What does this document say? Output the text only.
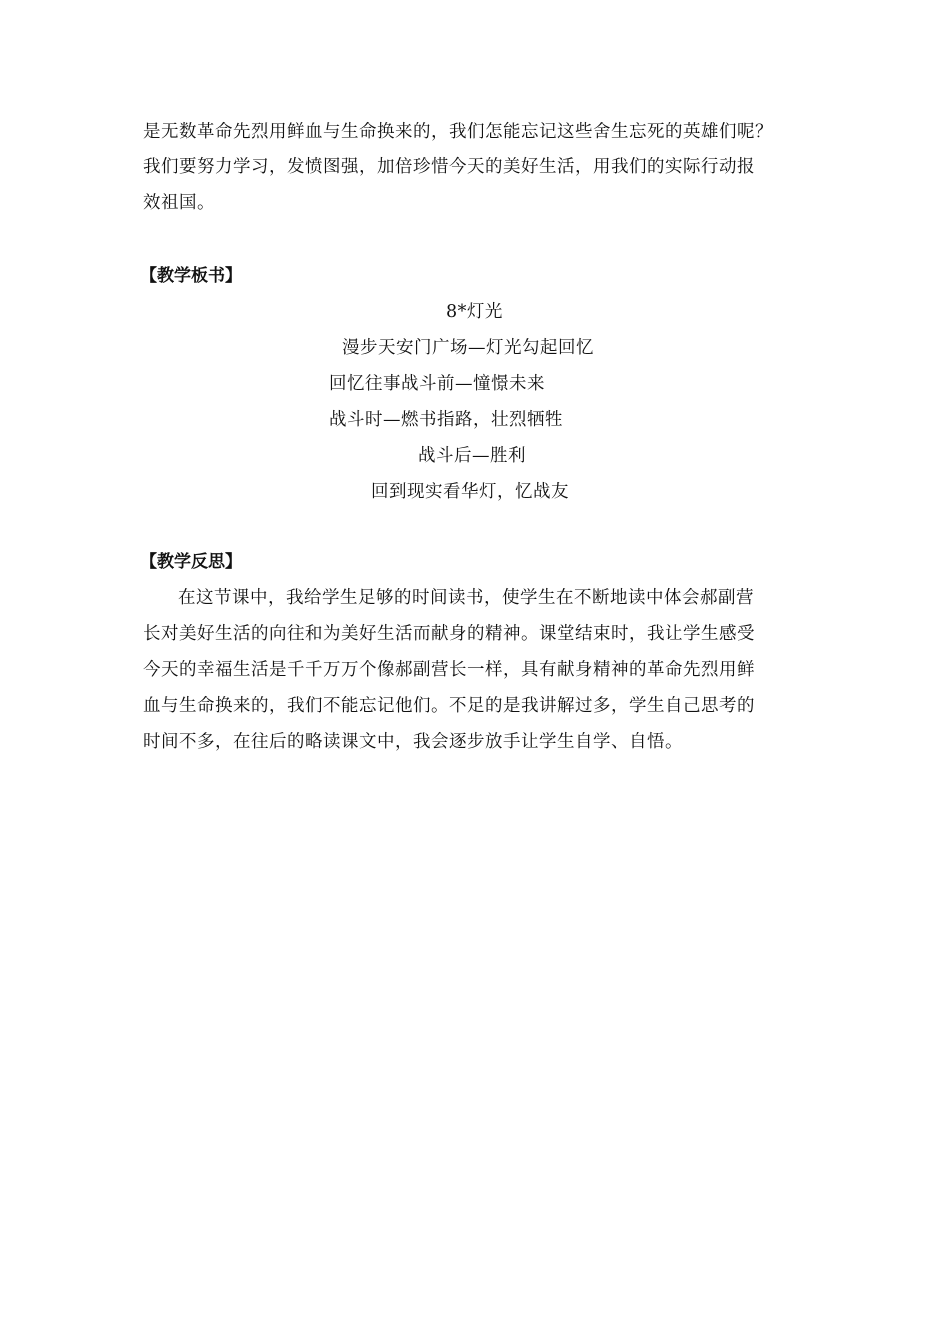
是无数革命先烈用鲜血与生命换来的，我们怎能忘记这些舍生忘死的英雄们呢？
我们要努力学习，发愤图强，加倍珍惜今天的美好生活，用我们的实际行动报
效祖国。
【教学板书】
8*灯光
漫步天安门广场—灯光勾起回忆
回忆往事战斗前—憧憬未来
战斗时—燃书指路，壮烈牺牲
战斗后—胜利
回到现实看华灯，忆战友
【教学反思】
　在这节课中，我给学生足够的时间读书，使学生在不断地读中体会郝副营
长对美好生活的向往和为美好生活而献身的精神。课堂结束时，我让学生感受
今天的幸福生活是千千万万个像郝副营长一样，具有献身精神的革命先烈用鲜
血与生命换来的，我们不能忘记他们。不足的是我讲解过多，学生自己思考的
时间不多，在往后的略读课文中，我会逐步放手让学生自学、自悟。
